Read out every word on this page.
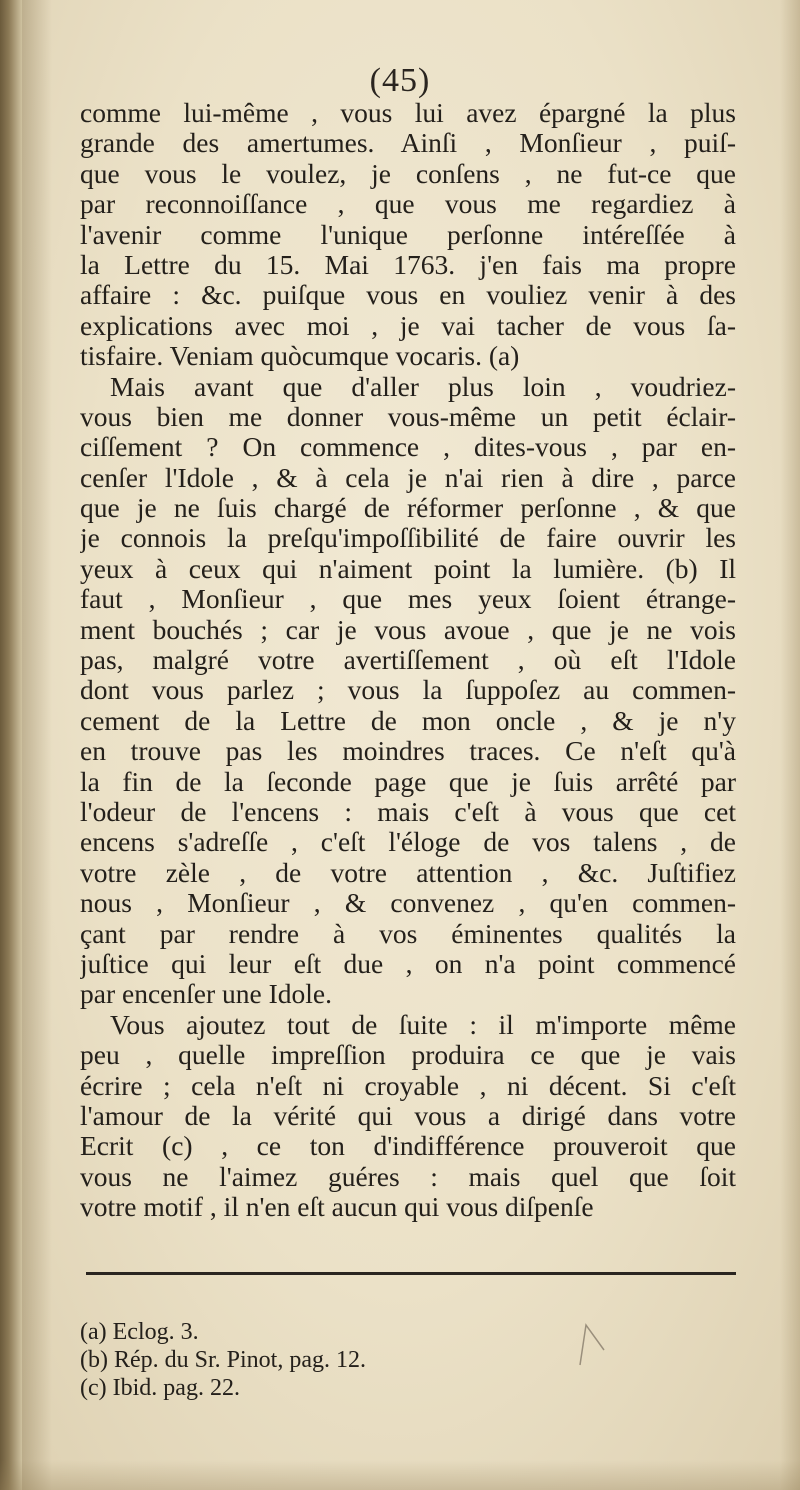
(45)
comme lui-même , vous lui avez épargné la plus
grande des amertumes. Ainſi , Monſieur , puiſ-
que vous le voulez, je conſens , ne fut-ce que
par reconnoiſſance , que vous me regardiez à
l'avenir comme l'unique perſonne intéreſſée à
la Lettre du 15. Mai 1763. j'en fais ma propre
affaire : &c. puiſque vous en vouliez venir à des
explications avec moi , je vai tacher de vous ſa-
tisfaire. Veniam quòcumque vocaris. (a)
Mais avant que d'aller plus loin , voudriez-
vous bien me donner vous-même un petit éclair-
ciſſement ? On commence , dites-vous , par en-
cenſer l'Idole , & à cela je n'ai rien à dire , parce
que je ne ſuis chargé de réformer perſonne , & que
je connois la preſqu'impoſſibilité de faire ouvrir les
yeux à ceux qui n'aiment point la lumière. (b) Il
faut , Monſieur , que mes yeux ſoient étrange-
ment bouchés ; car je vous avoue , que je ne vois
pas, malgré votre avertiſſement , où eſt l'Idole
dont vous parlez ; vous la ſuppoſez au commen-
cement de la Lettre de mon oncle , & je n'y
en trouve pas les moindres traces. Ce n'eſt qu'à
la fin de la ſeconde page que je ſuis arrêté par
l'odeur de l'encens : mais c'eſt à vous que cet
encens s'adreſſe , c'eſt l'éloge de vos talens , de
votre zèle , de votre attention , &c. Juſtifiez
nous , Monſieur , & convenez , qu'en commen-
çant par rendre à vos éminentes qualités la
juſtice qui leur eſt due , on n'a point commencé
par encenſer une Idole.
Vous ajoutez tout de ſuite : il m'importe même
peu , quelle impreſſion produira ce que je vais
écrire ; cela n'eſt ni croyable , ni décent. Si c'eſt
l'amour de la vérité qui vous a dirigé dans votre
Ecrit (c) , ce ton d'indifférence prouveroit que
vous ne l'aimez guéres : mais quel que ſoit
votre motif , il n'en eſt aucun qui vous diſpenſe
(a) Eclog. 3.
(b) Rép. du Sr. Pinot, pag. 12.
(c) Ibid. pag. 22.
